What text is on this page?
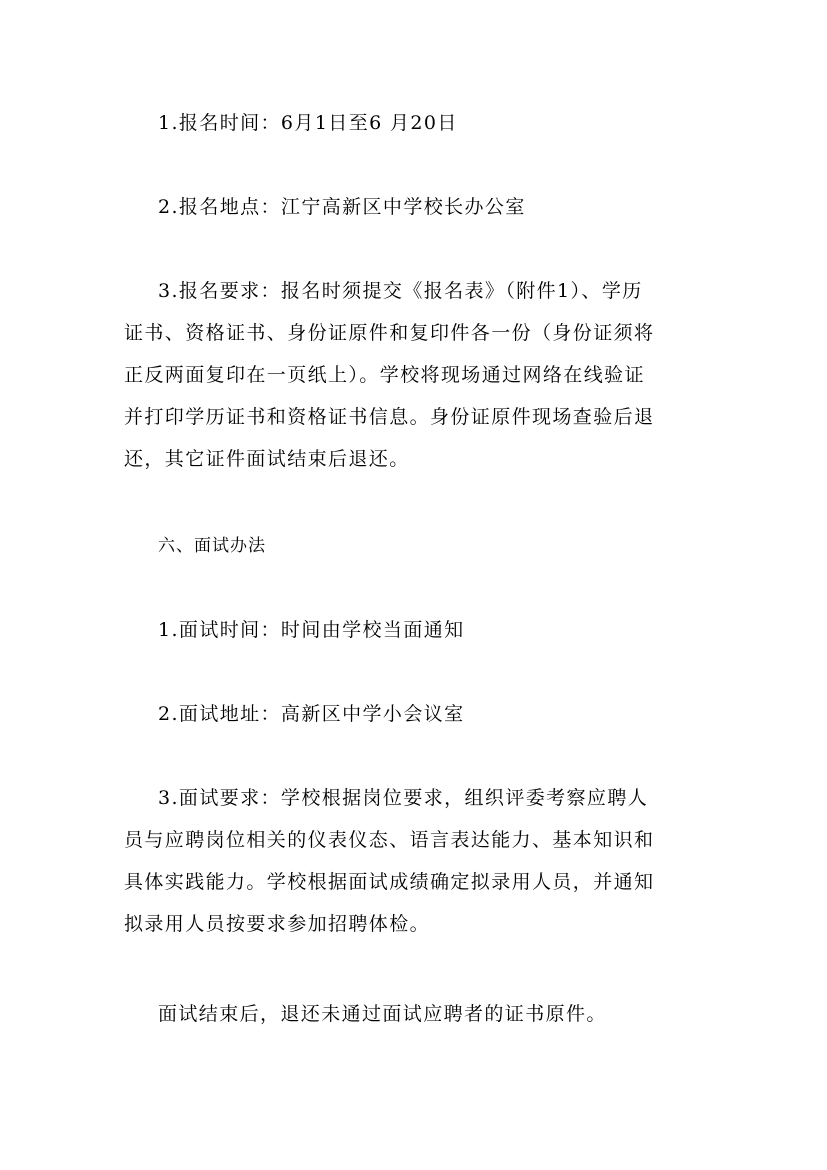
1.报名时间：6月1日至6 月20日

2.报名地点：江宁高新区中学校长办公室

3.报名要求：报名时须提交《报名表》（附件1）、学历
证书、资格证书、身份证原件和复印件各一份（身份证须将
正反两面复印在一页纸上）。学校将现场通过网络在线验证
并打印学历证书和资格证书信息。身份证原件现场查验后退
还，其它证件面试结束后退还。

六、面试办法

1.面试时间：时间由学校当面通知

2.面试地址：高新区中学小会议室

3.面试要求：学校根据岗位要求，组织评委考察应聘人
员与应聘岗位相关的仪表仪态、语言表达能力、基本知识和
具体实践能力。学校根据面试成绩确定拟录用人员，并通知
拟录用人员按要求参加招聘体检。

面试结束后，退还未通过面试应聘者的证书原件。
